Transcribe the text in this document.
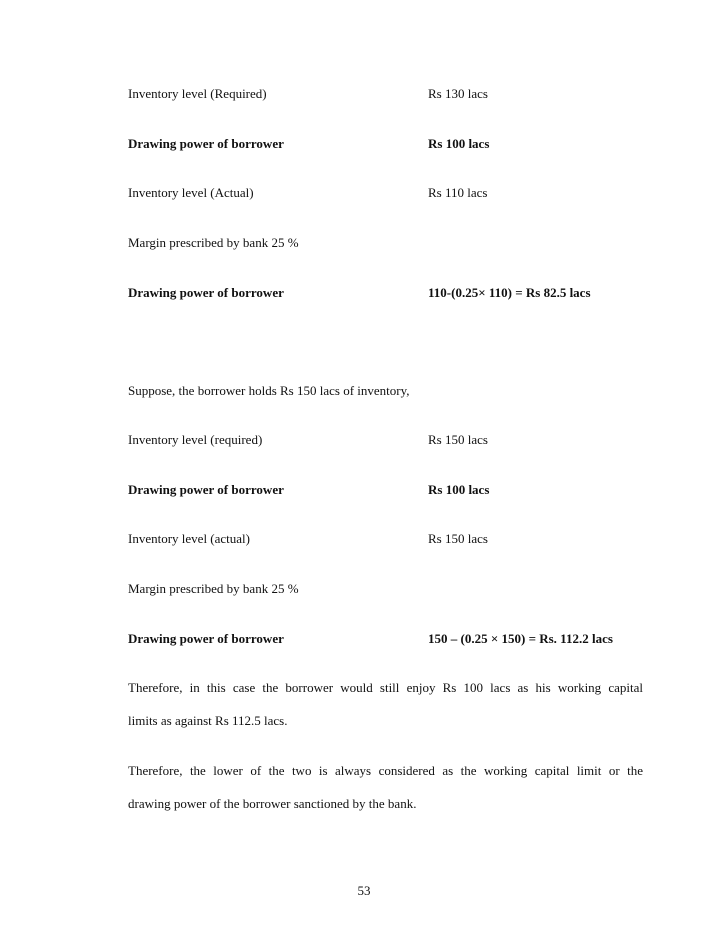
Inventory level (Required)	Rs 130 lacs
Drawing power of borrower	Rs 100 lacs
Inventory level (Actual)	Rs 110 lacs
Margin prescribed by bank 25 %
Drawing power of borrower	110-(0.25× 110) = Rs 82.5 lacs
Suppose, the borrower holds Rs 150 lacs of inventory,
Inventory level (required)	Rs 150 lacs
Drawing power of borrower	Rs 100 lacs
Inventory level (actual)	Rs 150 lacs
Margin prescribed by bank 25 %
Drawing power of borrower	150 – (0.25 × 150) = Rs. 112.2 lacs
Therefore, in this case the borrower would still enjoy Rs 100 lacs as his working capital
limits as against Rs 112.5 lacs.
Therefore, the lower of the two is always considered as the working capital limit or the
drawing power of the borrower sanctioned by the bank.
53
